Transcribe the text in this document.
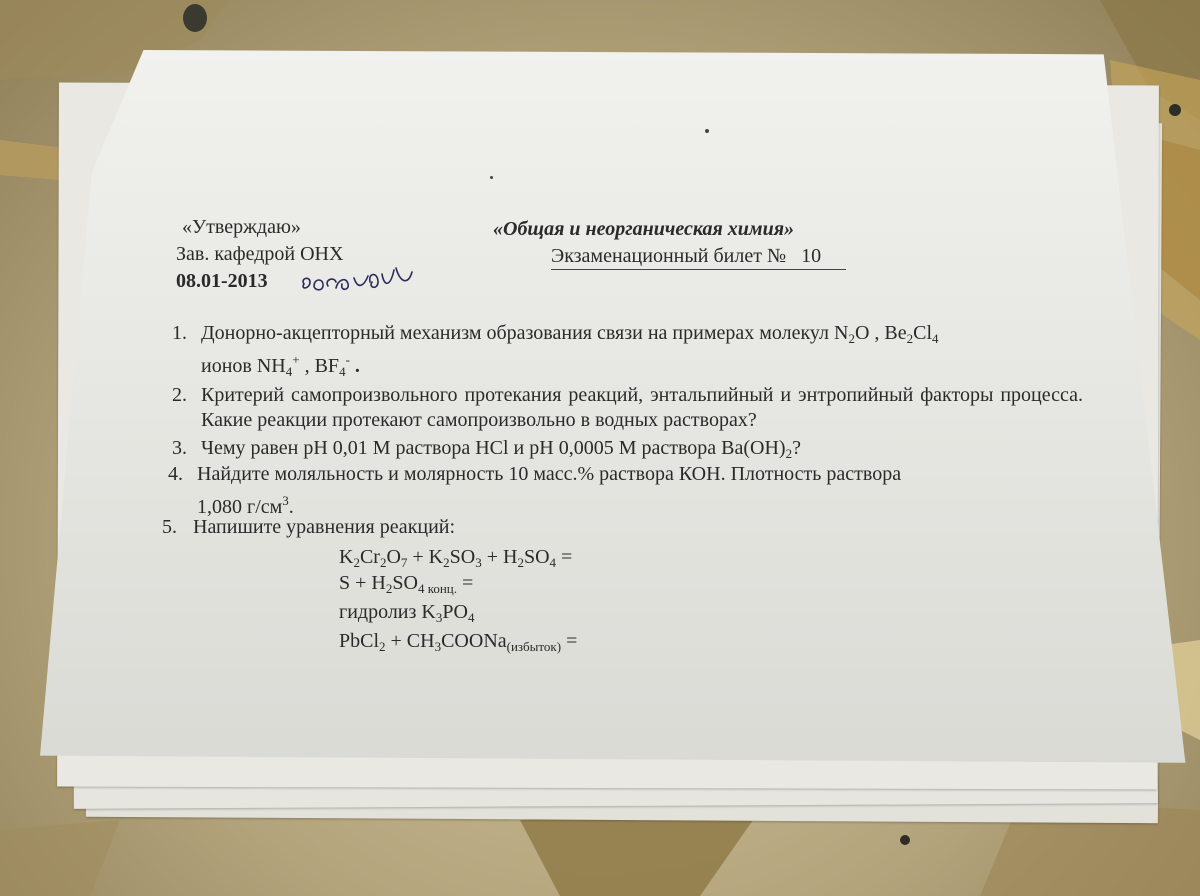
«Утверждаю»
Зав. кафедрой ОНХ
08.01-2013
«Общая и неорганическая химия»
Экзаменационный билет № 10
1. Донорно-акцепторный механизм образования связи на примерах молекул $N_2O$ , $Be_2Cl_4$
ионов $NH_4^+$ , $BF_4^-$ .
2. Критерий самопроизвольного протекания реакций, энтальпийный и энтропийный факторы процесса. Какие реакции протекают самопроизвольно в водных растворах?
3. Чему равен pH 0,01 М раствора HCl и pH 0,0005 М раствора $Ba(OH)_2$?
4. Найдите моляльность и молярность 10 масс.% раствора КОН. Плотность раствора
1,080 $г/см^3$.
5. Напишите уравнения реакций:
$K_2Cr_2O_7 + K_2SO_3 + H_2SO_4$ =
$S + H_2SO_{4 конц.}$ =
гидролиз $K_3PO_4$
PbCl$_2$ + $CH_3COONa_{(избыток)}$ =
